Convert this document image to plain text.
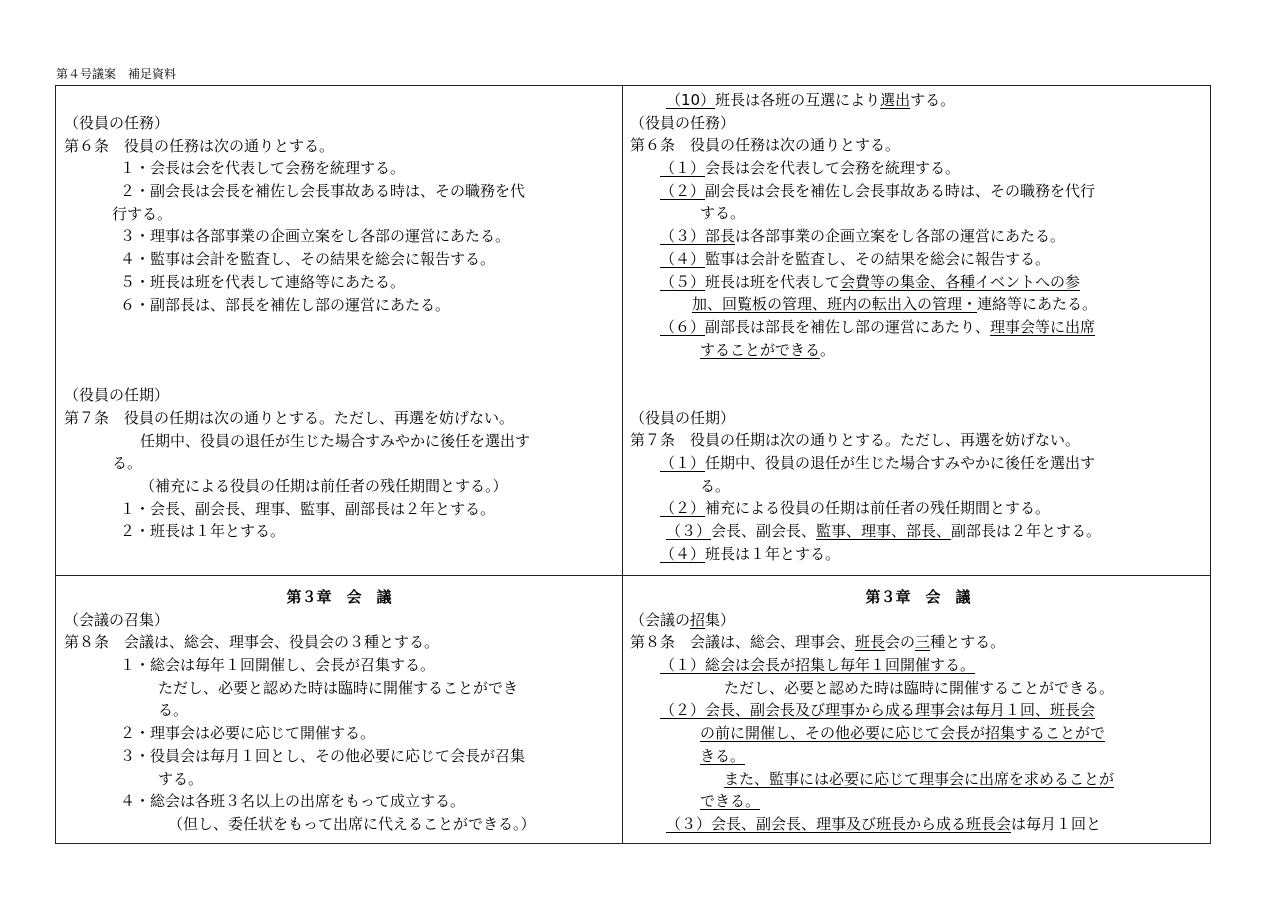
第４号議案　補足資料

（役員の任務）

第６条　役員の任務は次の通りとする。

１・会長は会を代表して会務を統理する。

２・副会長は会長を補佐し会長事故ある時は、その職務を代

行する。

３・理事は各部事業の企画立案をし各部の運営にあたる。

４・監事は会計を監査し、その結果を総会に報告する。

５・班長は班を代表して連絡等にあたる。

６・副部長は、部長を補佐し部の運営にあたる。

（役員の任期）

第７条　役員の任期は次の通りとする。ただし、再選を妨げない。

任期中、役員の退任が生じた場合すみやかに後任を選出す

る。

（補充による役員の任期は前任者の残任期間とする。）

１・会長、副会長、理事、監事、副部長は２年とする。

２・班長は１年とする。

（10）班長は各班の互選により選出する。

（役員の任務）

第６条　役員の任務は次の通りとする。

（１）会長は会を代表して会務を統理する。

（２）副会長は会長を補佐し会長事故ある時は、その職務を代行

する。

（３）部長は各部事業の企画立案をし各部の運営にあたる。

（４）監事は会計を監査し、その結果を総会に報告する。

（５）班長は班を代表して会費等の集金、各種イベントへの参

加、回覧板の管理、班内の転出入の管理・連絡等にあたる。

（６）副部長は部長を補佐し部の運営にあたり、理事会等に出席

することができる。

（役員の任期）

第７条　役員の任期は次の通りとする。ただし、再選を妨げない。

（１）任期中、役員の退任が生じた場合すみやかに後任を選出す

る。

（２）補充による役員の任期は前任者の残任期間とする。

（３）会長、副会長、監事、理事、部長、副部長は２年とする。

（４）班長は１年とする。

第３章　会　議

（会議の召集）

第８条　会議は、総会、理事会、役員会の３種とする。

１・総会は毎年１回開催し、会長が召集する。

ただし、必要と認めた時は臨時に開催することができ

る。

２・理事会は必要に応じて開催する。

３・役員会は毎月１回とし、その他必要に応じて会長が召集

する。

４・総会は各班３名以上の出席をもって成立する。

（但し、委任状をもって出席に代えることができる。）

第３章　会　議

（会議の招集）

第８条　会議は、総会、理事会、班長会の三種とする。

（１）総会は会長が招集し毎年１回開催する。

ただし、必要と認めた時は臨時に開催することができる。

（２）会長、副会長及び理事から成る理事会は毎月１回、班長会

の前に開催し、その他必要に応じて会長が招集することがで

きる。

また、監事には必要に応じて理事会に出席を求めることが

できる。

（３）会長、副会長、理事及び班長から成る班長会は毎月１回と
